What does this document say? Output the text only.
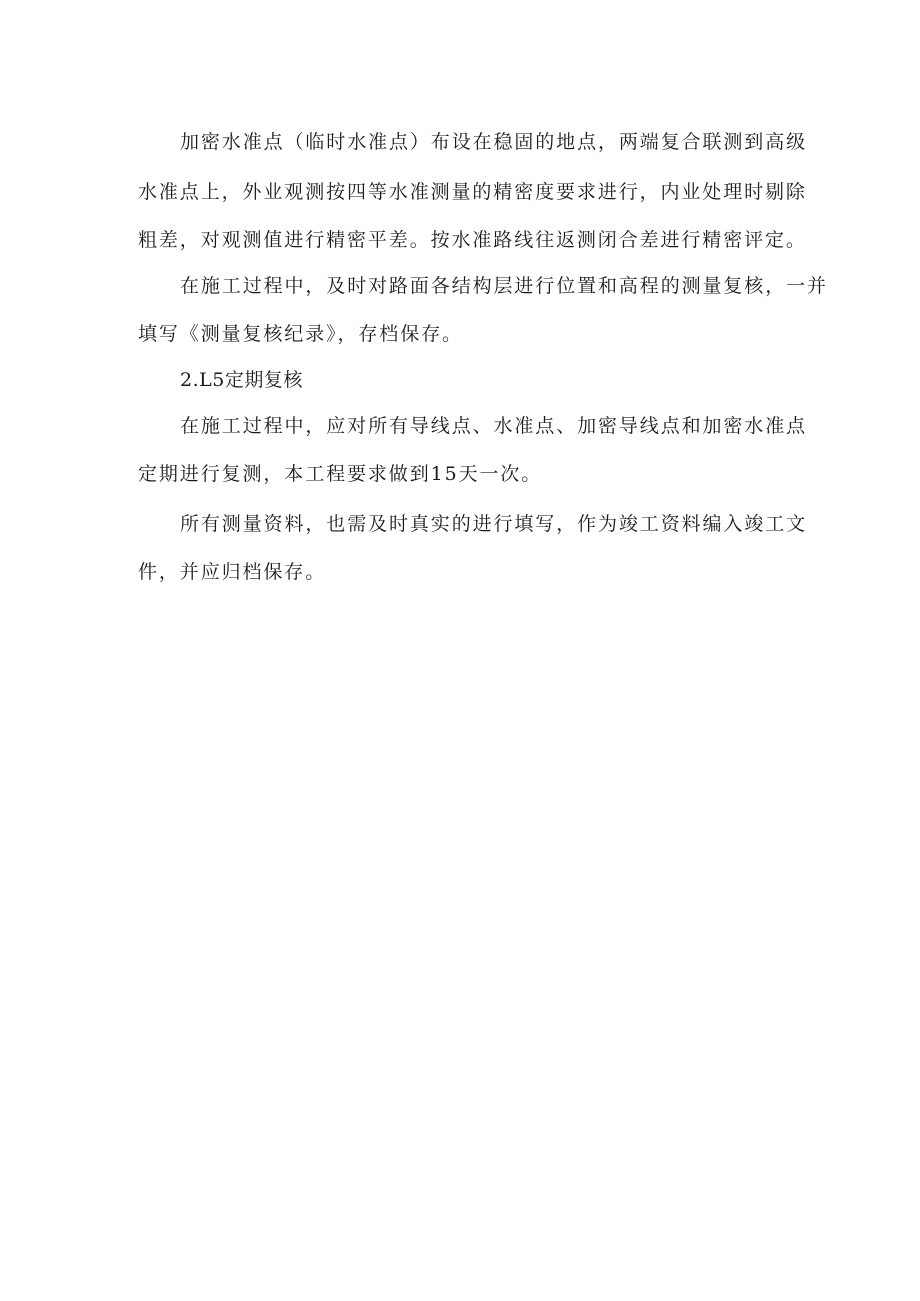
加密水准点（临时水准点）布设在稳固的地点，两端复合联测到高级
水准点上，外业观测按四等水准测量的精密度要求进行，内业处理时剔除
粗差，对观测值进行精密平差。按水准路线往返测闭合差进行精密评定。
在施工过程中，及时对路面各结构层进行位置和高程的测量复核，一并
填写《测量复核纪录》，存档保存。
2.L5定期复核
在施工过程中，应对所有导线点、水准点、加密导线点和加密水准点
定期进行复测，本工程要求做到15天一次。
所有测量资料，也需及时真实的进行填写，作为竣工资料编入竣工文
件，并应归档保存。
